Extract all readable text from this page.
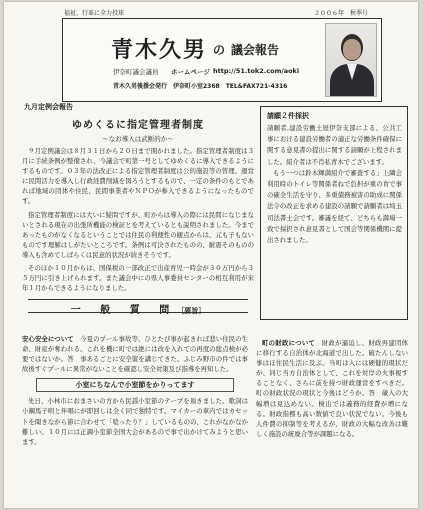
福祉、行革に全力投球	２００６年　秋季号
青木久男 の 議会報告
伊奈町議会議員 ホームページ http://51.tok2.com/aoki
青木久男後援会発行　伊奈町小室2368　TEL&FAX721-4316
九月定例会報告
ゆめくるに指定管理者制度
～なお導入は武断的か～

９月定例議会は８月３１日から２０日まで開かれました。指定管理者制度は３月に手続条例が整備され、今議会で町第一号としてゆめくるに導入できるようにするものです。０３年の法改正による指定管理者制度は公的施設等の管理、運営に民間活力を導入し行政経費削減を図ろうとするもので、一定の条件のもとであれば地域の団体や住民、民間事業者やＮＰＯが参入できるようになったものです。

指定管理者制度には大いに疑問ですが、町からは導入の際には民間になじまないとされる現在の出張所機能の検証とを考えているとも説明されました。今まであったものがなくなるということでは住民の利便性の観点からは、元も子もないものです理解はしがたいところです。条例は可決されたものの、耐震そのものの導入も含めてしばらくは民意的状況が続きそうです。

そのほか１０月からは、国保税の一部改正で出産育児一時金が３０万円から３５万円に引き上げられます。また議会中にの県人事委員センターの相互利用が来年１月からできるようになりました。

一 般 質 問［要旨］
請願２件採択

請願者,建設労働土屋伊奈支部による、公共工事における建設労働者の適正な労働条件確保に関する意見書の提出に関する請願が上程されました。紹介者は不肖私青木でございます。

もう一つは鈴木輝満紹介で審査する」上隣会利用時のトイレ等関係者ねで負担が重の育で事の確全生活を守り、多重債務被害の助成に関係法令の改正を求める建設の請願で請願者は埼玉司法書士会です。審議を経て、どちらも満場一致で採択され意見書として国会等関係機関に提出されました。

安心安全について　 今夏のプール事故等、ひとたび事が起きれば悲い住民の生命、財産が奪われる。これを機に町では絶には改を入れての再度の総点検が必要ではないか。答　事あるごとに安全策を講じてきた。ふじみ野市の件では事故後すぐプールに異常がないことを確認し安全対策及び指導を再知した。

小室にちなんで小室節をかりってます

先日、小林市におまさいの方から民謡小室節のテープを頂きました。歌詞は小鋼馬子唄と伴唱にが即回しは全く同で独特です。マイカーの車内ではカセットを聞きながら節に合わせて「唸ったり？」しているものの、これがなかなか難しい。１０月には正調小室節全国大会があるので事で出かけてみようと思います。

町の財政について　 財政が逼迫し、財政再建団体に移行する自治体が北海道で出した。破たんしない事はほ住民生活に及ぶ。当町は入には硬健的現状だが、同じ当方自治体として、これを対岸の火事視することなく、さらに前を持つ財政運営をすべきだ。町の財政状況の現状と今後はどうか。答　歳入の大幅増は見込めない。検出では義務的経費が増になる。財政指標も高い数値で良い状況でない。今後も人件費の抑制等を考えるが、財政の大幅な改善は難しく施設の統廃合等が課題になる。
